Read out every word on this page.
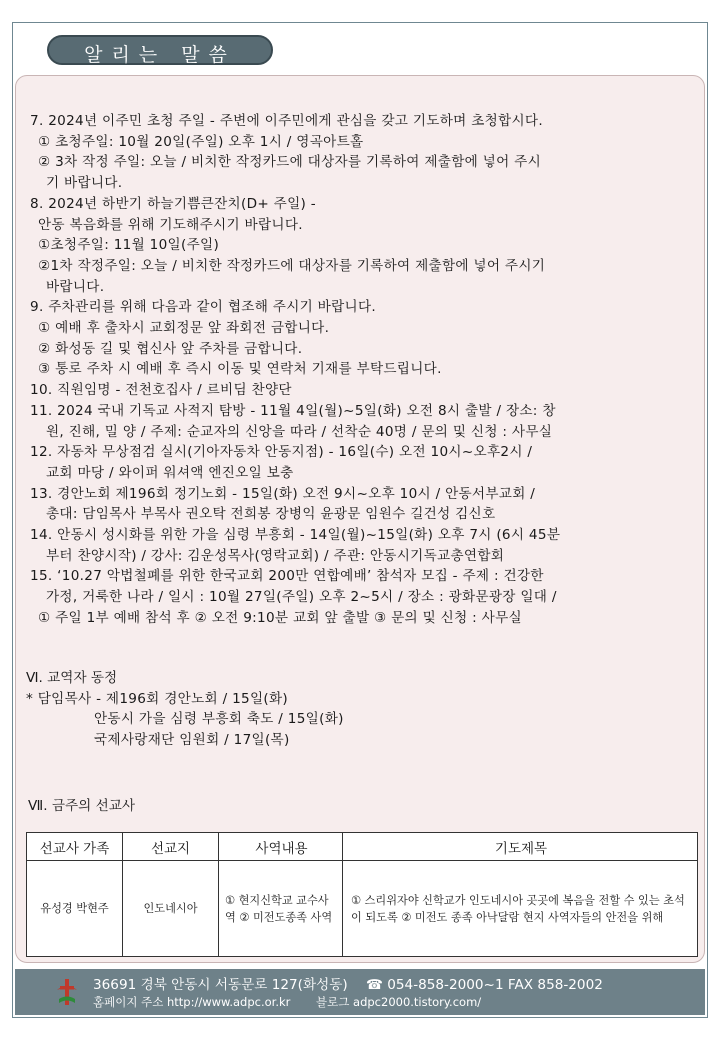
알리는 말씀
7. 2024년 이주민 초청 주일 - 주변에 이주민에게 관심을 갖고 기도하며 초청합시다.
① 초청주일: 10월 20일(주일) 오후 1시 / 영곡아트홀
② 3차 작정 주일: 오늘 / 비치한 작정카드에 대상자를 기록하여 제출함에 넣어 주시
기 바랍니다.
8. 2024년 하반기 하늘기쁨큰잔치(D+ 주일) -
안동 복음화를 위해 기도해주시기 바랍니다.
①초청주일: 11월 10일(주일)
②1차 작정주일: 오늘 / 비치한 작정카드에 대상자를 기록하여 제출함에 넣어 주시기
바랍니다.
9. 주차관리를 위해 다음과 같이 협조해 주시기 바랍니다.
① 예배 후 출차시 교회정문 앞 좌회전 금합니다.
② 화성동 길 및 협신사 앞 주차를 금합니다.
③ 통로 주차 시 예배 후 즉시 이동 및 연락처 기재를 부탁드립니다.
10. 직원임명 - 전천호집사 / 르비딤 찬양단
11. 2024 국내 기독교 사적지 탐방 - 11월 4일(월)~5일(화) 오전 8시 출발 / 장소: 창
원, 진해, 밀 양 / 주제: 순교자의 신앙을 따라 / 선착순 40명 / 문의 및 신청 : 사무실
12. 자동차 무상점검 실시(기아자동차 안동지점) - 16일(수) 오전 10시~오후2시 /
교회 마당 / 와이퍼 워셔액 엔진오일 보충
13. 경안노회 제196회 정기노회 - 15일(화) 오전 9시~오후 10시 / 안동서부교회 /
총대: 담임목사 부목사 권오탁 전희봉 장병익 윤광문 임원수 길건성 김신호
14. 안동시 성시화를 위한 가을 심령 부흥회 - 14일(월)~15일(화) 오후 7시 (6시 45분
부터 찬양시작) / 강사: 김운성목사(영락교회) / 주관: 안동시기독교총연합회
15. ‘10.27 악법철폐를 위한 한국교회 200만 연합예배’ 참석자 모집 - 주제 : 건강한
가정, 거룩한 나라 / 일시 : 10월 27일(주일) 오후 2~5시 / 장소 : 광화문광장 일대 /
① 주일 1부 예배 참석 후 ② 오전 9:10분 교회 앞 출발 ③ 문의 및 신청 : 사무실
Ⅵ. 교역자 동정
* 담임목사 - 제196회 경안노회 / 15일(화)
안동시 가을 심령 부흥회 축도 / 15일(화)
국제사랑재단 임원회 / 17일(목)
Ⅶ. 금주의 선교사
선교사 가족	선교지	사역내용	기도제목
유성경 박현주	인도네시아	① 현지신학교 교수사역 ② 미전도종족 사역	① 스리위자야 신학교가 인도네시아 곳곳에 복음을 전할 수 있는 초석이 되도록 ② 미전도 종족 아낙달람 현지 사역자들의 안전을 위해
36691 경북 안동시 서동문로 127(화성동) ☎ 054-858-2000~1 FAX 858-2002
홈페이지 주소 http://www.adpc.or.kr 블로그 adpc2000.tistory.com/
